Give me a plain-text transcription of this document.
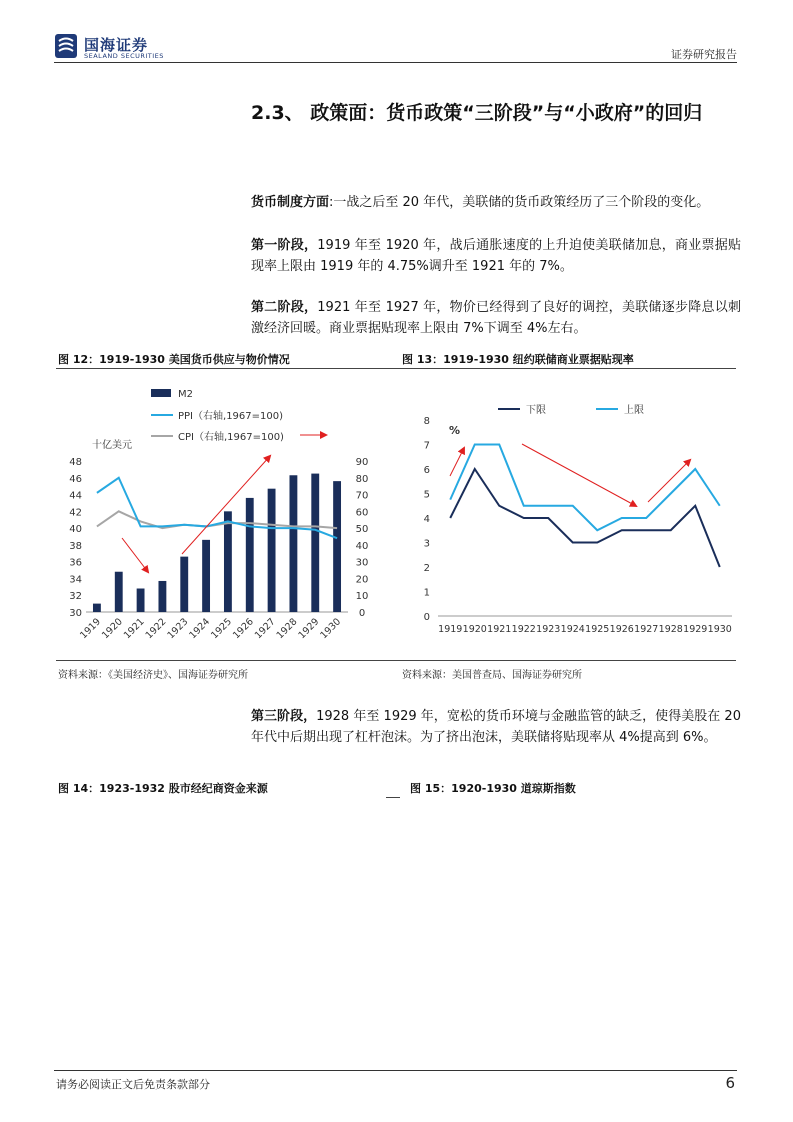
国海证券
SEALAND SECURITIES	证券研究报告
2.3、 政策面：货币政策“三阶段”与“小政府”的回归
货币制度方面:一战之后至 20 年代，美联储的货币政策经历了三个阶段的变化。
第一阶段，1919 年至 1920 年，战后通胀速度的上升迫使美联储加息，商业票据贴现率上限由 1919 年的 4.75%调升至 1921 年的 7%。
第二阶段，1921 年至 1927 年，物价已经得到了良好的调控，美联储逐步降息以刺激经济回暖。商业票据贴现率上限由 7%下调至 4%左右。
图 12：1919-1930 美国货币供应与物价情况	图 13：1919-1930 纽约联储商业票据贴现率
M2
PPI（右轴,1967=100)
CPI（右轴,1967=100)
十亿美元
30
32
34
36
38
40
42
44
46
48
0
10
20
30
40
50
60
70
80
90
1919
1920
1921
1922
1923
1924
1925
1926
1927
1928
1929
1930
下限	上限
0
1
2
3
4
5
6
7
8
%
1919 1920 1921 1922 1923 1924 1925 1926 1927 1928 1929 1930
资料来源：《美国经济史》、国海证券研究所	资料来源：美国普查局、国海证券研究所
第三阶段，1928 年至 1929 年，宽松的货币环境与金融监管的缺乏，使得美股在 20 年代中后期出现了杠杆泡沫。为了挤出泡沫，美联储将贴现率从 4%提高到 6%。
图 14：1923-1932 股市经纪商资金来源	图 15：1920-1930 道琼斯指数
请务必阅读正文后免责条款部分	6
